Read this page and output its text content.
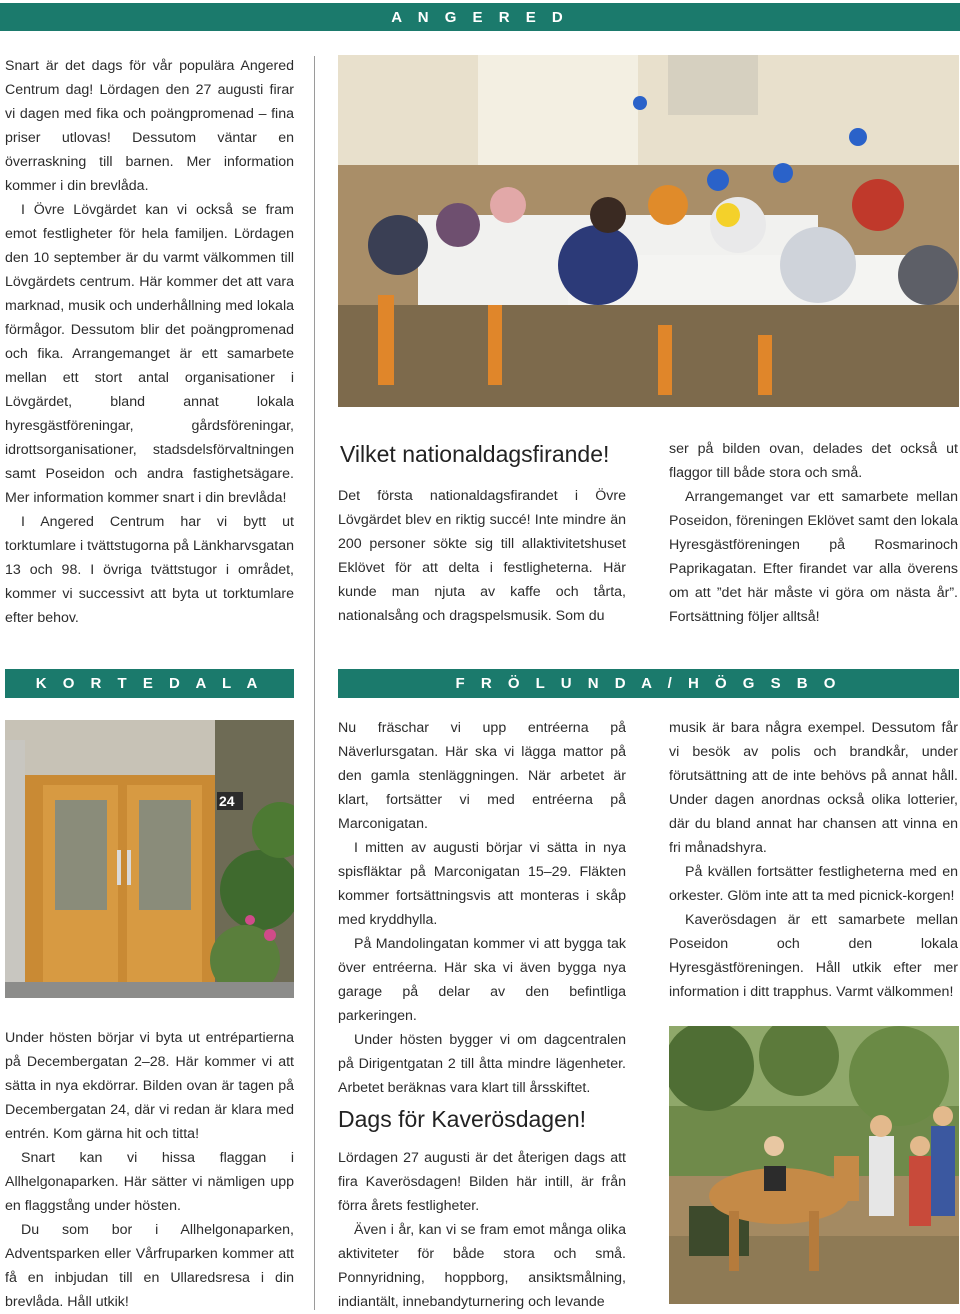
A N G E R E D

Snart är det dags för vår populära Angered Centrum dag! Lördagen den 27 augusti firar vi dagen med fika och poängpromenad – fina priser utlovas! Dessutom väntar en överraskning till barnen. Mer information kommer i din brevlåda.

I Övre Lövgärdet kan vi också se fram emot festligheter för hela familjen. Lördagen den 10 september är du varmt välkommen till Lövgärdets centrum. Här kommer det att vara marknad, musik och underhållning med lokala förmågor. Dessutom blir det poängpromenad och fika. Arrangemanget är ett samarbete mellan ett stort antal organisationer i Lövgärdet, bland annat lokala hyresgästföreningar, gårdsföreningar, idrottsorganisationer, stadsdelsförvaltningen samt Poseidon och andra fastighetsägare. Mer information kommer snart i din brevlåda!

I Angered Centrum har vi bytt ut torktumlare i tvättstugorna på Länkharvsgatan 13 och 98. I övriga tvättstugor i området, kommer vi successivt att byta ut torktumlare efter behov.

Vilket nationaldagsfirande!

Det första nationaldagsfirandet i Övre Lövgärdet blev en riktig succé! Inte mindre än 200 personer sökte sig till allaktivitetshuset Eklövet för att delta i festligheterna. Här kunde man njuta av kaffe och tårta, nationalsång och dragspelsmusik. Som du

ser på bilden ovan, delades det också ut flaggor till både stora och små.

Arrangemanget var ett samarbete mellan Poseidon, föreningen Eklövet samt den lokala Hyresgästföreningen på Rosmarinoch Paprikagatan. Efter firandet var alla överens om att ”det här måste vi göra om nästa år”. Fortsättning följer alltså!

K O R T E D A L A	F R Ö L U N D A / H Ö G S B O
24

Under hösten börjar vi byta ut entrépartierna på Decembergatan 2–28. Här kommer vi att sätta in nya ekdörrar. Bilden ovan är tagen på Decembergatan 24, där vi redan är klara med entrén. Kom gärna hit och titta!

Snart kan vi hissa flaggan i Allhelgonaparken. Här sätter vi nämligen upp en flaggstång under hösten.

Du som bor i Allhelgonaparken, Adventsparken eller Vårfruparken kommer att få en inbjudan till en Ullaredsresa i din brevlåda. Håll utkik!

Nu fräschar vi upp entréerna på Näverlursgatan. Här ska vi lägga mattor på den gamla stenläggningen. När arbetet är klart, fortsätter vi med entréerna på Marconigatan.

I mitten av augusti börjar vi sätta in nya spisfläktar på Marconigatan 15–29. Fläkten kommer fortsättningsvis att monteras i skåp med kryddhylla.

På Mandolingatan kommer vi att bygga tak över entréerna. Här ska vi även bygga nya garage på delar av den befintliga parkeringen.

Under hösten bygger vi om dagcentralen på Dirigentgatan 2 till åtta mindre lägenheter. Arbetet beräknas vara klart till årsskiftet.

Dags för Kaverösdagen!

Lördagen 27 augusti är det återigen dags att fira Kaverösdagen! Bilden här intill, är från förra årets festligheter.

Även i år, kan vi se fram emot många olika aktiviteter för både stora och små. Ponnyridning, hoppborg, ansiktsmålning, indiantält, innebandyturnering och levande

musik är bara några exempel. Dessutom får vi besök av polis och brandkår, under förutsättning att de inte behövs på annat håll. Under dagen anordnas också olika lotterier, där du bland annat har chansen att vinna en fri månadshyra.

På kvällen fortsätter festligheterna med en orkester. Glöm inte att ta med picnick-korgen!

Kaverösdagen är ett samarbete mellan Poseidon och den lokala Hyresgästföreningen. Håll utkik efter mer information i ditt trapphus. Varmt välkommen!
